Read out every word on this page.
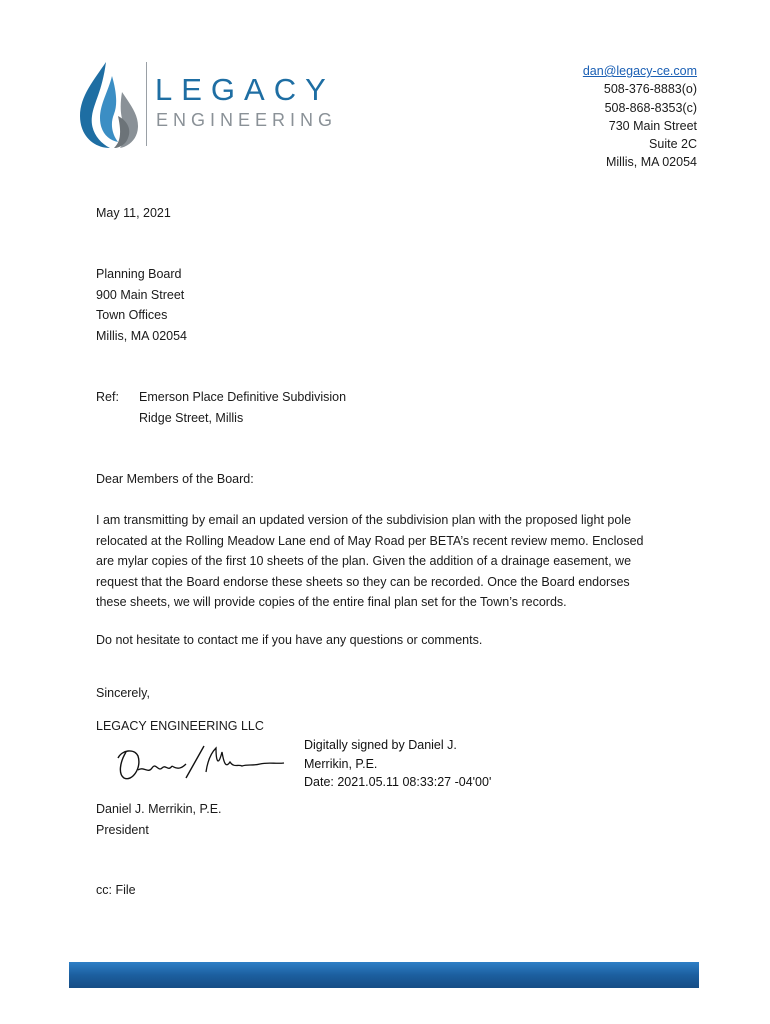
LEGACY
ENGINEERING
dan@legacy-ce.com
508-376-8883(o)
508-868-8353(c)
730 Main Street
Suite 2C
Millis, MA 02054
May 11, 2021
Planning Board
900 Main Street
Town Offices
Millis, MA 02054
Ref: Emerson Place Definitive Subdivision
Ridge Street, Millis
Dear Members of the Board:
I am transmitting by email an updated version of the subdivision plan with the proposed light pole
relocated at the Rolling Meadow Lane end of May Road per BETA’s recent review memo. Enclosed
are mylar copies of the first 10 sheets of the plan. Given the addition of a drainage easement, we
request that the Board endorse these sheets so they can be recorded. Once the Board endorses
these sheets, we will provide copies of the entire final plan set for the Town’s records.
Do not hesitate to contact me if you have any questions or comments.
Sincerely,
LEGACY ENGINEERING LLC
Digitally signed by Daniel J.
Merrikin, P.E.
Date: 2021.05.11 08:33:27 -04'00'
Daniel J. Merrikin, P.E.
President
cc: File
